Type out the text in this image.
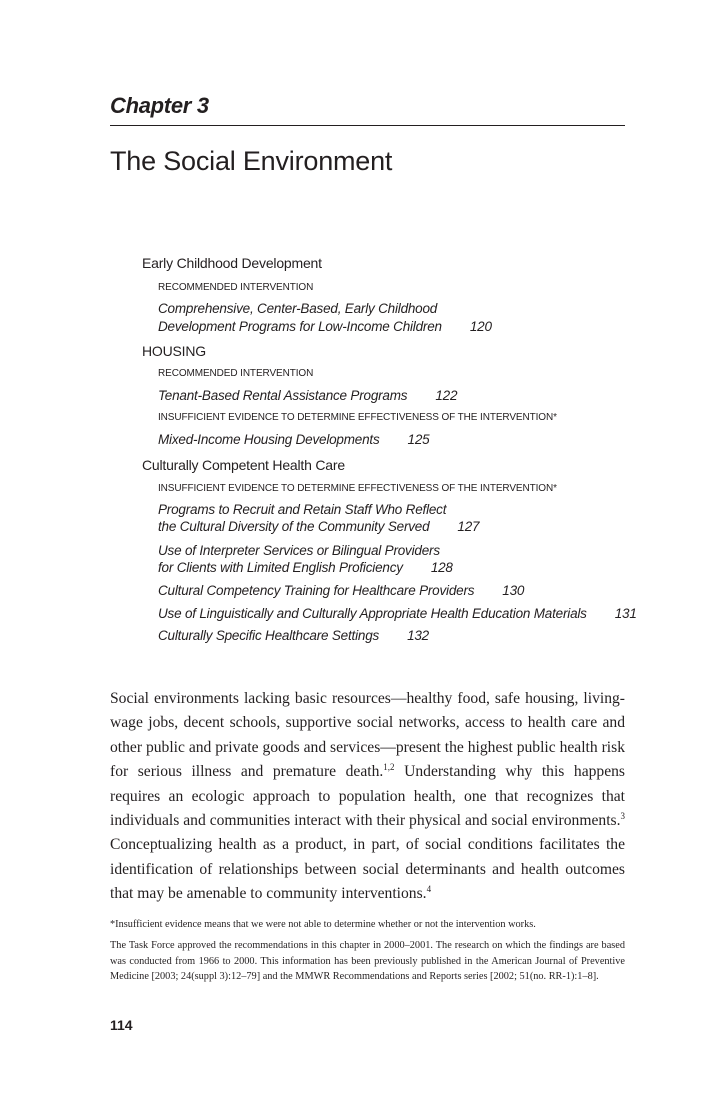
Chapter 3
The Social Environment
Early Childhood Development
RECOMMENDED INTERVENTION
Comprehensive, Center-Based, Early Childhood
Development Programs for Low-Income Children 120
HOUSING
RECOMMENDED INTERVENTION
Tenant-Based Rental Assistance Programs 122
INSUFFICIENT EVIDENCE TO DETERMINE EFFECTIVENESS OF THE INTERVENTION*
Mixed-Income Housing Developments 125
Culturally Competent Health Care
INSUFFICIENT EVIDENCE TO DETERMINE EFFECTIVENESS OF THE INTERVENTION*
Programs to Recruit and Retain Staff Who Reflect
the Cultural Diversity of the Community Served 127
Use of Interpreter Services or Bilingual Providers
for Clients with Limited English Proficiency 128
Cultural Competency Training for Healthcare Providers 130
Use of Linguistically and Culturally Appropriate Health Education Materials 131
Culturally Specific Healthcare Settings 132

Social environments lacking basic resources—healthy food, safe housing, living-wage jobs, decent schools, supportive social networks, access to health care and other public and private goods and services—present the highest public health risk for serious illness and premature death.$^{1,2}$ Understanding why this happens requires an ecologic approach to population health, one that recognizes that individuals and communities interact with their physical and social environments.$^3$ Conceptualizing health as a product, in part, of social conditions facilitates the identification of relationships between social determinants and health outcomes that may be amenable to community interventions.$^4$

*Insufficient evidence means that we were not able to determine whether or not the intervention works.

The Task Force approved the recommendations in this chapter in 2000–2001. The research on which the findings are based was conducted from 1966 to 2000. This information has been previously published in the American Journal of Preventive Medicine [2003; 24(suppl 3):12–79] and the MMWR Recommendations and Reports series [2002; 51(no. RR-1):1–8].

114
